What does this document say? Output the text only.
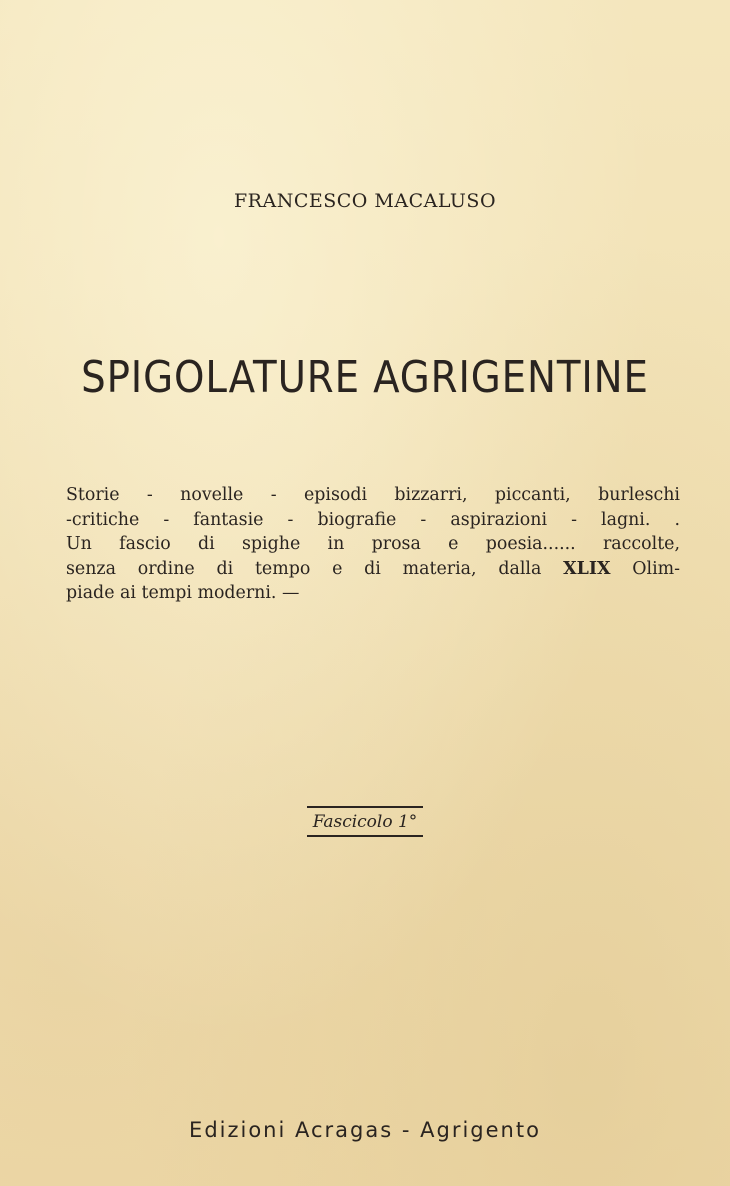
FRANCESCO MACALUSO
SPIGOLATURE AGRIGENTINE
Storie - novelle - episodi bizzarri, piccanti, burleschi
-critiche - fantasie - biografie - aspirazioni - lagni. .
Un fascio di spighe in prosa e poesia...... raccolte,
senza ordine di tempo e di materia, dalla XLIX Olim-
piade ai tempi moderni. —
Fascicolo 1°
Edizioni Acragas - Agrigento
